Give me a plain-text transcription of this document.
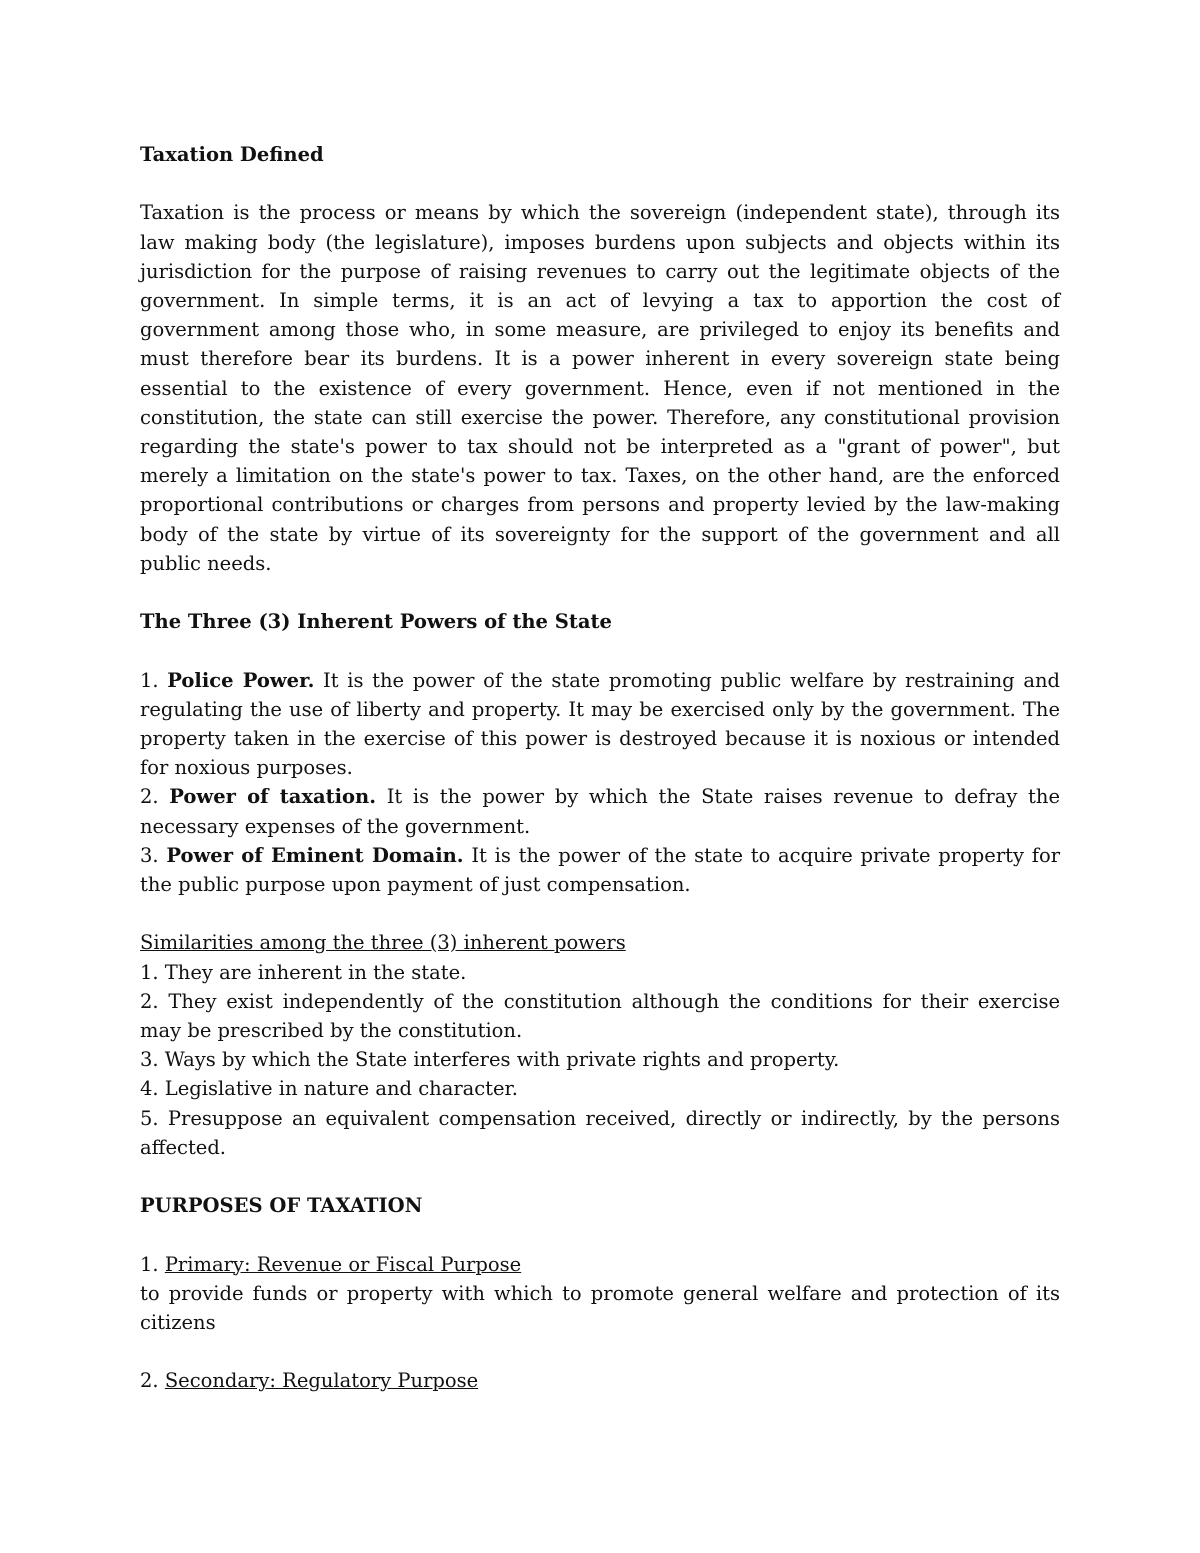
Taxation Defined

Taxation is the process or means by which the sovereign (independent state), through its law making body (the legislature), imposes burdens upon subjects and objects within its jurisdiction for the purpose of raising revenues to carry out the legitimate objects of the government. In simple terms, it is an act of levying a tax to apportion the cost of government among those who, in some measure, are privileged to enjoy its benefits and must therefore bear its burdens. It is a power inherent in every sovereign state being essential to the existence of every government. Hence, even if not mentioned in the constitution, the state can still exercise the power. Therefore, any constitutional provision regarding the state's power to tax should not be interpreted as a "grant of power", but merely a limitation on the state's power to tax. Taxes, on the other hand, are the enforced proportional contributions or charges from persons and property levied by the law-making body of the state by virtue of its sovereignty for the support of the government and all public needs.

The Three (3) Inherent Powers of the State

1. Police Power. It is the power of the state promoting public welfare by restraining and regulating the use of liberty and property. It may be exercised only by the government. The property taken in the exercise of this power is destroyed because it is noxious or intended for noxious purposes.

2. Power of taxation. It is the power by which the State raises revenue to defray the necessary expenses of the government.

3. Power of Eminent Domain. It is the power of the state to acquire private property for the public purpose upon payment of just compensation.

Similarities among the three (3) inherent powers

1. They are inherent in the state.

2. They exist independently of the constitution although the conditions for their exercise may be prescribed by the constitution.

3. Ways by which the State interferes with private rights and property.

4. Legislative in nature and character.

5. Presuppose an equivalent compensation received, directly or indirectly, by the persons affected.

PURPOSES OF TAXATION

1. Primary: Revenue or Fiscal Purpose

to provide funds or property with which to promote general welfare and protection of its citizens

2. Secondary: Regulatory Purpose
